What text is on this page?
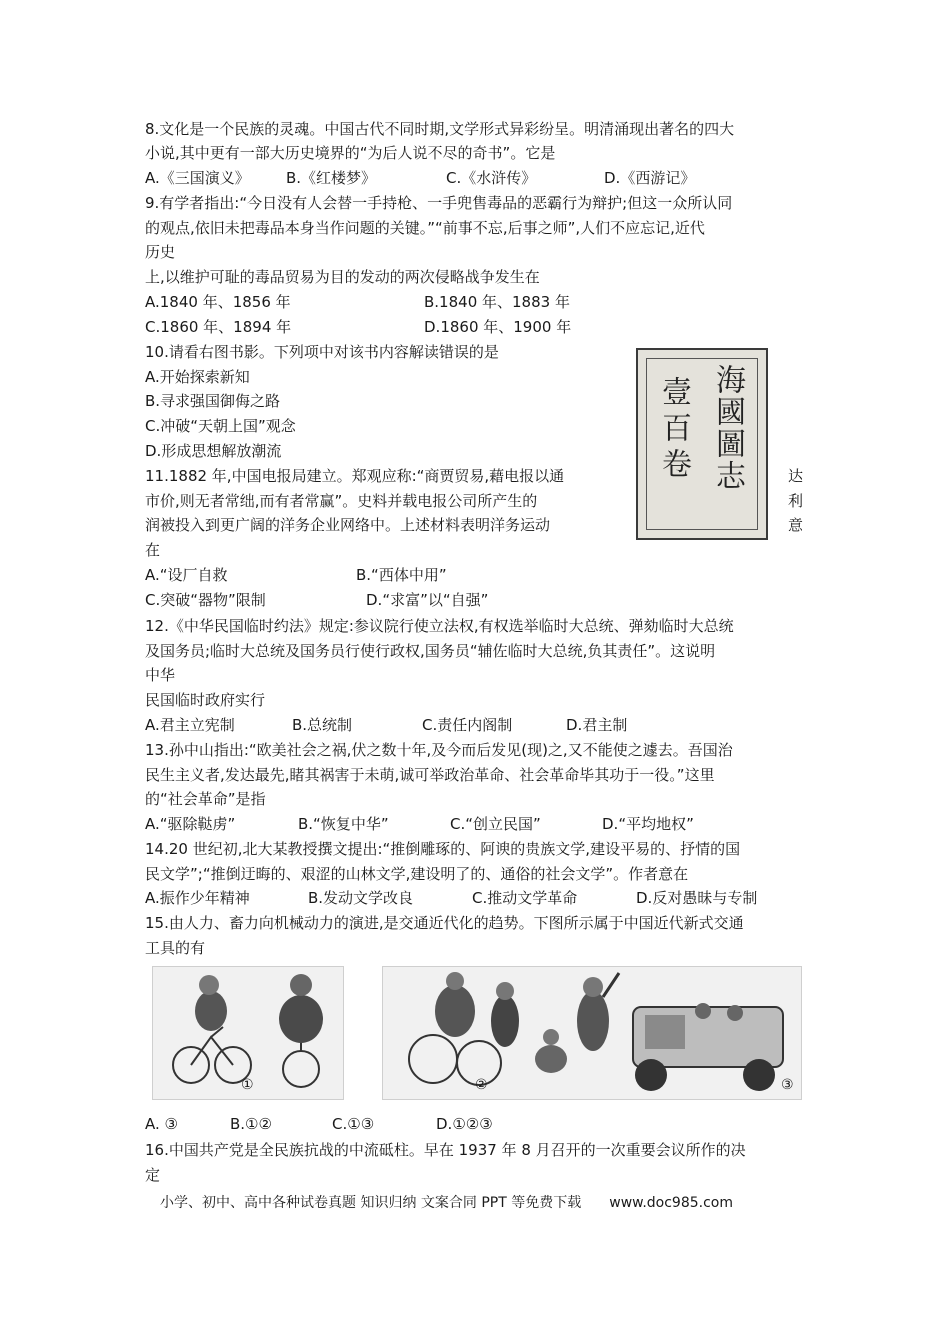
8.文化是一个民族的灵魂。中国古代不同时期,文学形式异彩纷呈。明清涌现出著名的四大
小说,其中更有一部大历史境界的“为后人说不尽的奇书”。它是
A.《三国演义》 B.《红楼梦》	C.《水浒传》	D.《西游记》
9.有学者指出:“今日没有人会替一手持枪、一手兜售毒品的恶霸行为辩护;但这一众所认同
的观点,依旧未把毒品本身当作问题的关键。”“前事不忘,后事之师”,人们不应忘记,近代
历史
上,以维护可耻的毒品贸易为目的发动的两次侵略战争发生在
A.1840 年、1856 年	B.1840 年、1883 年
C.1860 年、1894 年	D.1860 年、1900 年
10.请看右图书影。下列项中对该书内容解读错误的是
A.开始探索新知
B.寻求强国御侮之路
C.冲破“天朝上国”观念
D.形成思想解放潮流	海國圖志
壹百卷
11.1882 年,中国电报局建立。郑观应称:“商贾贸易,藉电报以通	达
市价,则无者常绌,而有者常赢”。史料并载电报公司所产生的	利
润被投入到更广阔的洋务企业网络中。上述材料表明洋务运动	意
在
A.“设厂自救	B.“西体中用”
C.突破“器物”限制	D.“求富”以“自强”
12.《中华民国临时约法》规定:参议院行使立法权,有权选举临时大总统、弹劾临时大总统
及国务员;临时大总统及国务员行使行政权,国务员“辅佐临时大总统,负其责任”。这说明
中华
民国临时政府实行
A.君主立宪制	B.总统制	C.责任内阁制	D.君主制
13.孙中山指出:“欧美社会之祸,伏之数十年,及今而后发见(现)之,又不能使之遽去。吾国治
民生主义者,发达最先,睹其祸害于未萌,诚可举政治革命、社会革命毕其功于一役。”这里
的“社会革命”是指
A.“驱除鞑虏”	B.“恢复中华”	C.“创立民国”	D.“平均地权”
14.20 世纪初,北大某教授撰文提出:“推倒雕琢的、阿谀的贵族文学,建设平易的、抒情的国
民文学”;“推倒迂晦的、艰涩的山林文学,建设明了的、通俗的社会文学”。作者意在
A.振作少年精神	B.发动文学改良	C.推动文学革命	D.反对愚昧与专制
15.由人力、畜力向机械动力的演进,是交通近代化的趋势。下图所示属于中国近代新式交通
工具的有
①	②	③
A. ③	B.①②	C.①③	D.①②③
16.中国共产党是全民族抗战的中流砥柱。早在 1937 年 8 月召开的一次重要会议所作的决
定
小学、初中、高中各种试卷真题 知识归纳 文案合同 PPT 等免费下载 www.doc985.com
